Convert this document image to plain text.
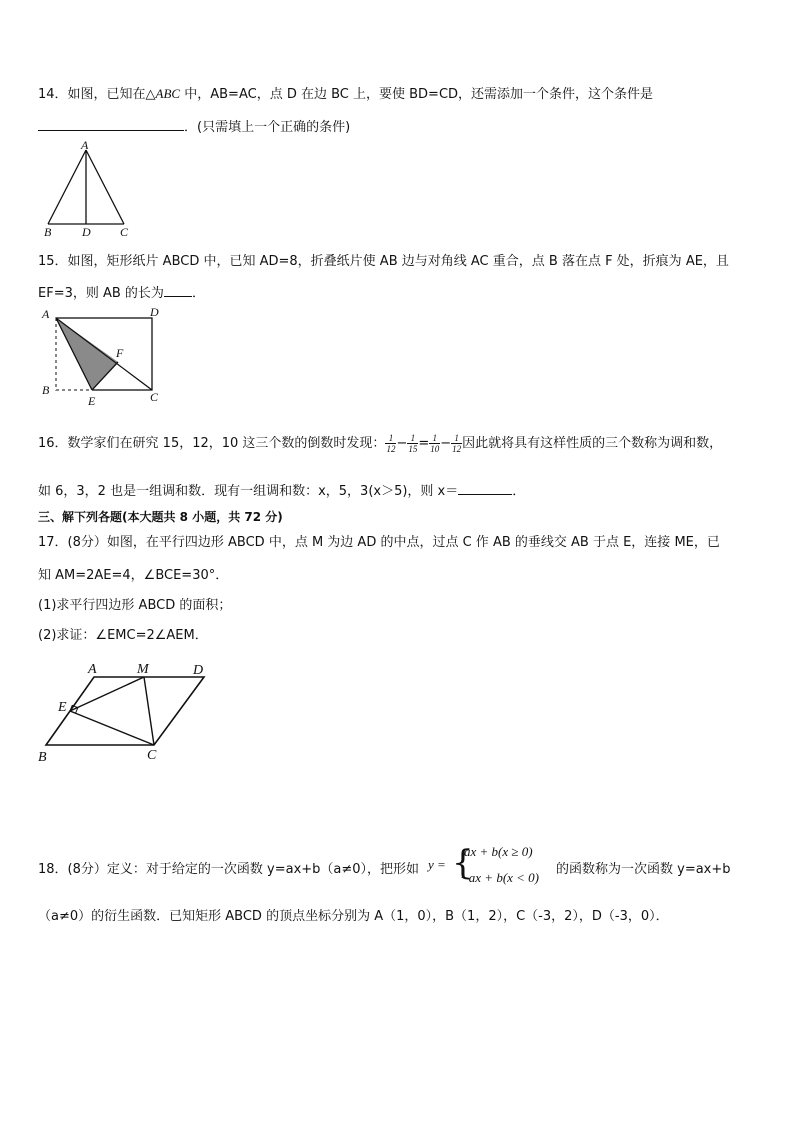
14．如图，已知在△ABC 中，AB=AC，点 D 在边 BC 上，要使 BD=CD，还需添加一个条件，这个条件是
．(只需填上一个正确的条件)
A
B	D C
15．如图，矩形纸片 ABCD 中，已知 AD=8，折叠纸片使 AB 边与对角线 AC 重合，点 B 落在点 F 处，折痕为 AE，且
EF=3，则 AB 的长为 ．
A	D
F
B
E	C
16．数学家们在研究 15，12，10 这三个数的倒数时发现： $\frac{1}{12} - \frac{1}{15} = \frac{1}{10} - \frac{1}{12}$ 因此就将具有这样性质的三个数称为调和数，
如 6，3，2 也是一组调和数．现有一组调和数：x，5，3(x＞5)，则 x＝	．
三、解下列各题(本大题共 8 小题，共 72 分)
17．(8分）如图，在平行四边形 ABCD 中，点 M 为边 AD 的中点，过点 C 作 AB 的垂线交 AB 于点 E，连接 ME，已
知 AM=2AE=4，∠BCE=30°．
(1)求平行四边形 ABCD 的面积；
(2)求证：∠EMC=2∠AEM．
A	M	D
E
B	C
18．(8分）定义：对于给定的一次函数 y=ax+b（a≠0），把形如 y = {
ax + b(x ≥ 0)
−ax + b(x < 0)
的函数称为一次函数 y=ax+b
（a≠0）的衍生函数．已知矩形 ABCD 的顶点坐标分别为 A（1，0），B（1，2），C（-3，2），D（-3，0）．
